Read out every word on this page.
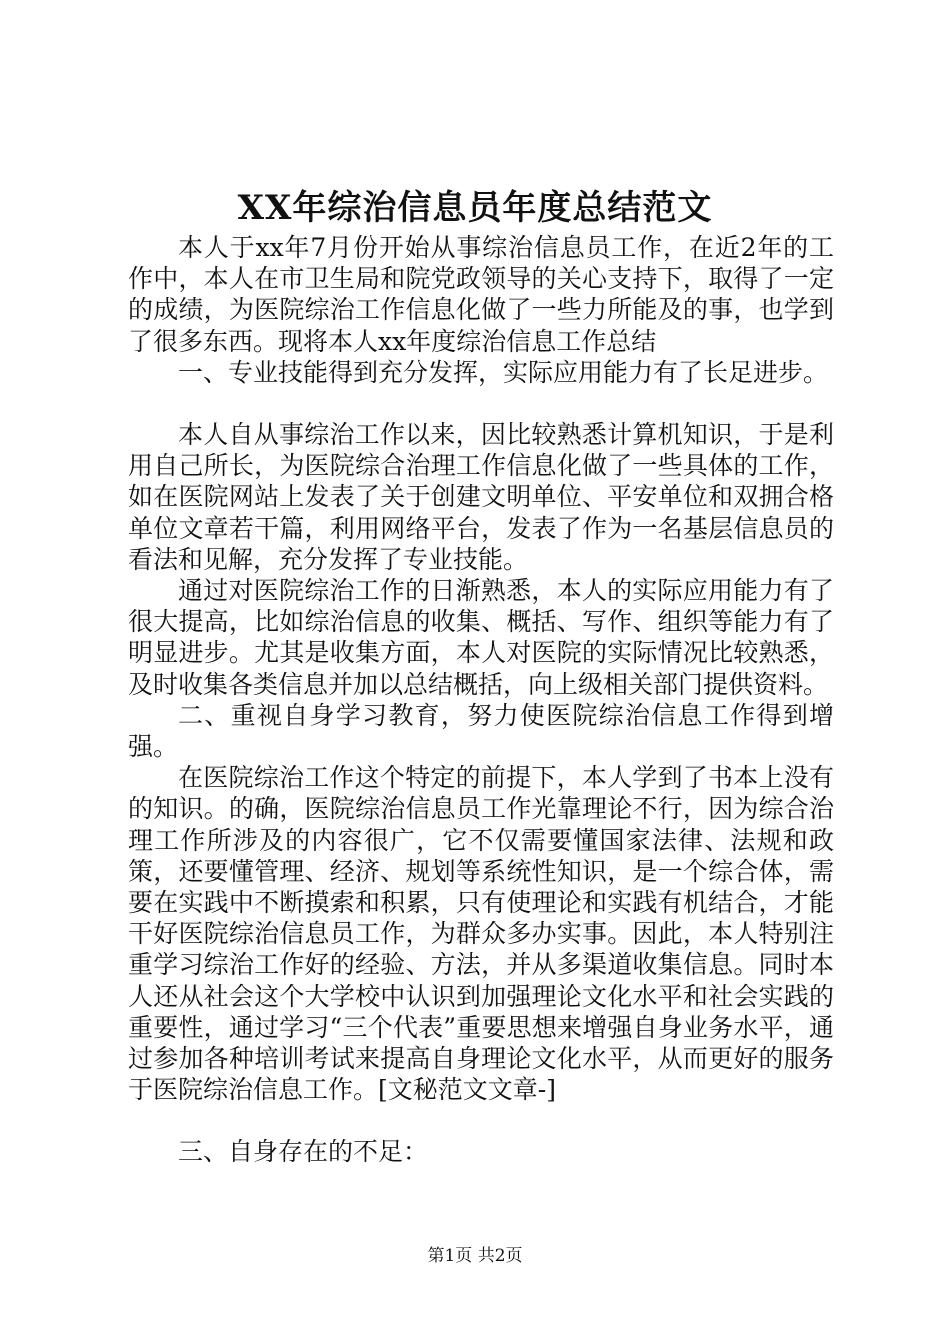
XX年综治信息员年度总结范文

本人于xx年7月份开始从事综治信息员工作，在近2年的工作中，本人在市卫生局和院党政领导的关心支持下，取得了一定的成绩，为医院综治工作信息化做了一些力所能及的事，也学到了很多东西。现将本人xx年度综治信息工作总结

一、专业技能得到充分发挥，实际应用能力有了长足进步。

本人自从事综治工作以来，因比较熟悉计算机知识，于是利用自己所长，为医院综合治理工作信息化做了一些具体的工作，如在医院网站上发表了关于创建文明单位、平安单位和双拥合格单位文章若干篇，利用网络平台，发表了作为一名基层信息员的看法和见解，充分发挥了专业技能。

通过对医院综治工作的日渐熟悉，本人的实际应用能力有了很大提高，比如综治信息的收集、概括、写作、组织等能力有了明显进步。尤其是收集方面，本人对医院的实际情况比较熟悉，及时收集各类信息并加以总结概括，向上级相关部门提供资料。

二、重视自身学习教育，努力使医院综治信息工作得到增强。

在医院综治工作这个特定的前提下，本人学到了书本上没有的知识。的确，医院综治信息员工作光靠理论不行，因为综合治理工作所涉及的内容很广，它不仅需要懂国家法律、法规和政策，还要懂管理、经济、规划等系统性知识，是一个综合体，需要在实践中不断摸索和积累，只有使理论和实践有机结合，才能干好医院综治信息员工作，为群众多办实事。因此，本人特别注重学习综治工作好的经验、方法，并从多渠道收集信息。同时本人还从社会这个大学校中认识到加强理论文化水平和社会实践的重要性，通过学习“三个代表”重要思想来增强自身业务水平，通过参加各种培训考试来提高自身理论文化水平，从而更好的服务于医院综治信息工作。[文秘范文文章-]

三、自身存在的不足：

第1页 共2页
